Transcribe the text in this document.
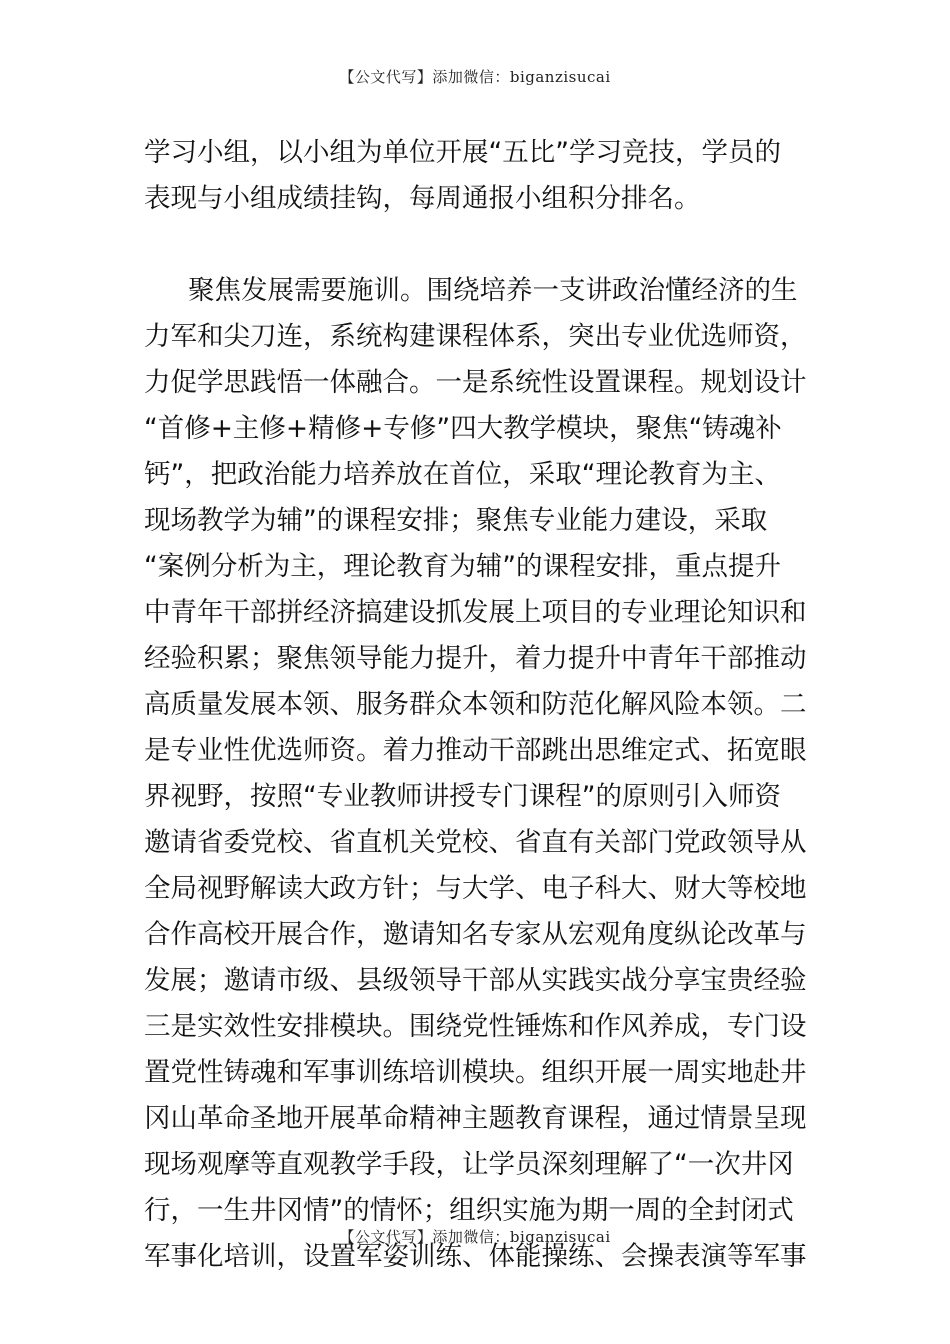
【公文代写】添加微信：biganzisucai
学习小组，以小组为单位开展“五比”学习竞技，学员的
表现与小组成绩挂钩，每周通报小组积分排名。
聚焦发展需要施训。围绕培养一支讲政治懂经济的生
力军和尖刀连，系统构建课程体系，突出专业优选师资，
力促学思践悟一体融合。一是系统性设置课程。规划设计
“首修+主修+精修+专修”四大教学模块，聚焦“铸魂补
钙”，把政治能力培养放在首位，采取“理论教育为主、
现场教学为辅”的课程安排；聚焦专业能力建设，采取
“案例分析为主，理论教育为辅”的课程安排，重点提升
中青年干部拼经济搞建设抓发展上项目的专业理论知识和
经验积累；聚焦领导能力提升，着力提升中青年干部推动
高质量发展本领、服务群众本领和防范化解风险本领。二
是专业性优选师资。着力推动干部跳出思维定式、拓宽眼
界视野，按照“专业教师讲授专门课程”的原则引入师资
邀请省委党校、省直机关党校、省直有关部门党政领导从
全局视野解读大政方针；与大学、电子科大、财大等校地
合作高校开展合作，邀请知名专家从宏观角度纵论改革与
发展；邀请市级、县级领导干部从实践实战分享宝贵经验
三是实效性安排模块。围绕党性锤炼和作风养成，专门设
置党性铸魂和军事训练培训模块。组织开展一周实地赴井
冈山革命圣地开展革命精神主题教育课程，通过情景呈现
现场观摩等直观教学手段，让学员深刻理解了“一次井冈
行，一生井冈情”的情怀；组织实施为期一周的全封闭式
军事化培训，设置军姿训练、体能操练、会操表演等军事
【公文代写】添加微信：biganzisucai
